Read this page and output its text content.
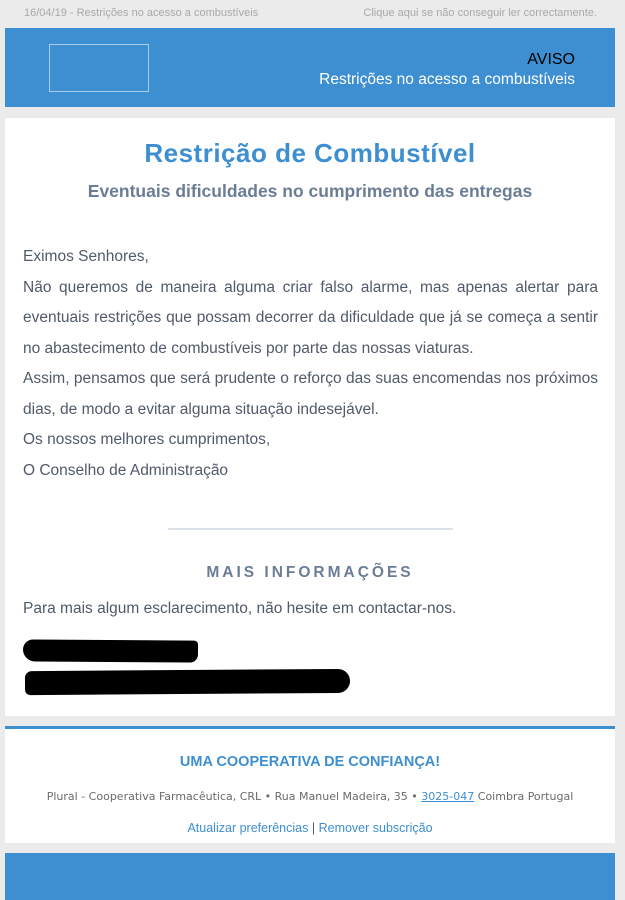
16/04/19 - Restrições no acesso a combustíveis	Clique aqui se não conseguir ler correctamente.
AVISO
Restrições no acesso a combustíveis
Restrição de Combustível
Eventuais dificuldades no cumprimento das entregas

Eximos Senhores,

Não queremos de maneira alguma criar falso alarme, mas apenas alertar para eventuais restrições que possam decorrer da dificuldade que já se começa a sentir no abastecimento de combustíveis por parte das nossas viaturas.

Assim, pensamos que será prudente o reforço das suas encomendas nos próximos dias, de modo a evitar alguma situação indesejável.

Os nossos melhores cumprimentos,

O Conselho de Administração

MAIS INFORMAÇÕES
Para mais algum esclarecimento, não hesite em contactar-nos.
UMA COOPERATIVA DE CONFIANÇA!
Plural - Cooperativa Farmacêutica, CRL • Rua Manuel Madeira, 35 • 3025-047 Coimbra Portugal
Atualizar preferências | Remover subscrição
